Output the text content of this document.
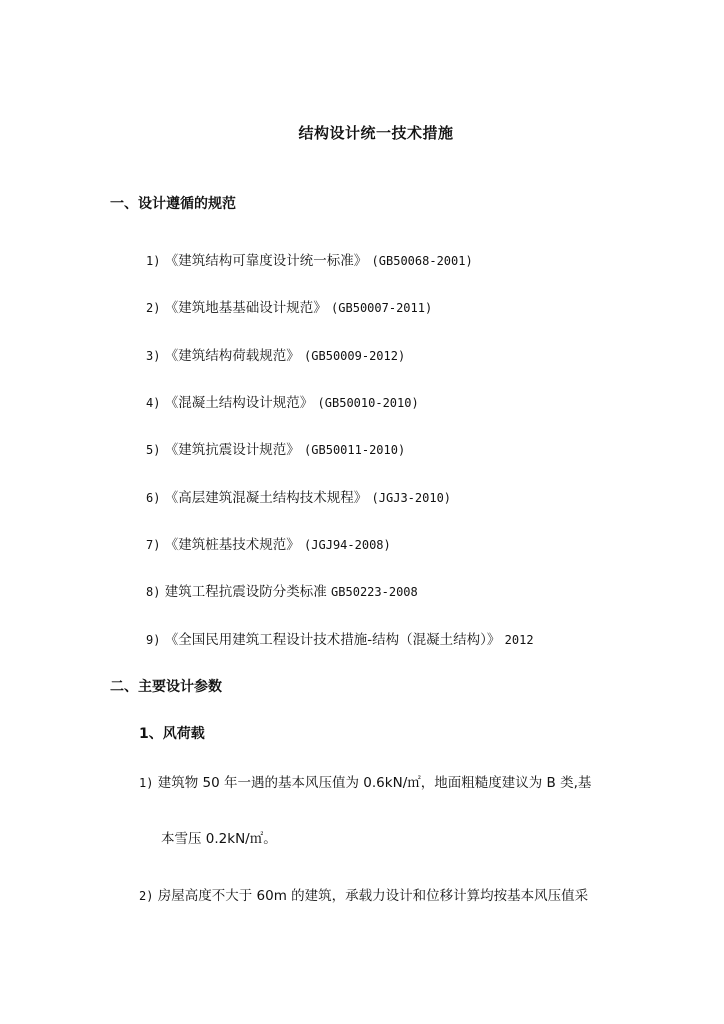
结构设计统一技术措施
一、设计遵循的规范
1) 《建筑结构可靠度设计统一标准》 (GB50068-2001)
2) 《建筑地基基础设计规范》 (GB50007-2011)
3) 《建筑结构荷载规范》 (GB50009-2012)
4) 《混凝土结构设计规范》 (GB50010-2010)
5) 《建筑抗震设计规范》 (GB50011-2010)
6) 《高层建筑混凝土结构技术规程》 (JGJ3-2010)
7) 《建筑桩基技术规范》 (JGJ94-2008)
8) 建筑工程抗震设防分类标准 GB50223-2008
9) 《全国民用建筑工程设计技术措施-结构（混凝土结构）》 2012
二、主要设计参数
1、风荷载
1) 建筑物 50 年一遇的基本风压值为 0.6kN/㎡，地面粗糙度建议为 B 类,基
本雪压 0.2kN/㎡。
2) 房屋高度不大于 60m 的建筑，承载力设计和位移计算均按基本风压值采
